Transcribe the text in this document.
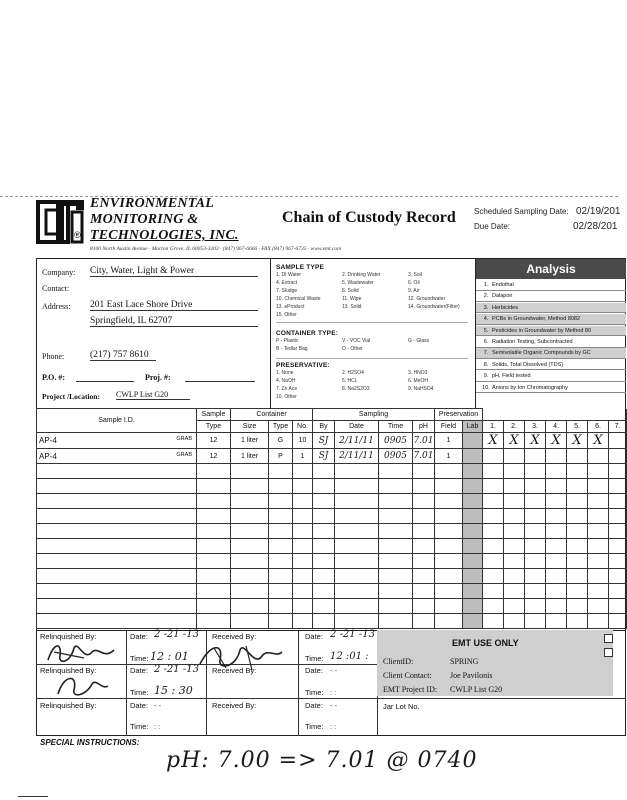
®
ENVIRONMENTAL
MONITORING &
TECHNOLOGIES, INC.
8100 North Austin Avenue · Morton Grove, IL 60053-3203 · (847) 967-6666 · FAX (847) 967-6735 · www.emt.com
Chain of Custody Record Scheduled Sampling Date: 02/19/201
Due Date:	02/28/201
Company: City, Water, Light & Power
Contact:
Address: 201 East Lace Shore Drive
Springfield, IL 62707
Phone:	(217) 757 8610
P.O. #:	Proj. #:
Project /Location: CWLP List G20
SAMPLE TYPE
1. DI Water	2. Drinking Water	3. Soil
4. Extract	5. Wastewater	6. Oil
7. Sludge	8. Solid	9. Air
10. Chemical Waste	11. Wipe	12. Groundwater
13. eProduct	13. Solid	14. Groundwater(Filter)
15. Other
CONTAINER TYPE:
P - Plastic	V - VOC Vial	G - Glass
B - Tedlar Bag	O - Other
PRESERVATIVE:
1. None	2. H2SO4	3. HNO3
4. NaOH	5. HCL	6. MeOH
7. Zn Ace	8. Na2S2O3	9. NaHSO4
10. Other
Analysis
1. Endothal
2. Dalapon
3. Herbicides
4. PCBs in Groundwater, Method 8082
5. Pesticides in Groundwater by Method 80
6. Radiation Testing, Subcontracted
7. Semivolatile Organic Compounds by GC
8. Solids, Total Dissolved (TDS)
9. pH, Field tested
10. Anions by Ion Chromatography
Sample I.D.	Sample	Container			Sampling				Preservation								
	Type	Size	Type	No.	By	Date	Time	pH	Field	Lab	1.	2.	3.	4.	5.	6.	7.
AP-4 GRAB	12	1 liter	G	10	SJ	2/11/11	0905	7.01	1		X	X	X	X	X	X	
AP-4 GRAB	12	1 liter	P	1	SJ	2/11/11	0905	7.01	1								

Relinquished By:	Date: 2 -21 -13
Time: 12 : 01
Received By:	Date: 2 -21 -13
Time: 12 :01 :
Relinquished By:	Date: 2 -21 -13
Time: 15 : 30
Received By:	Date: - -
Time: : :
Relinquished By:	Date: - -
Time: : :
Received By:	Date: - -
Time: : :
EMT USE ONLY
ClientID:	SPRING
Client Contact: Joe Pavilonis
EMT Project ID: CWLP List G20
Jar Lot No.
SPECIAL INSTRUCTIONS:
pH: 7.00 => 7.01 @ 0740
